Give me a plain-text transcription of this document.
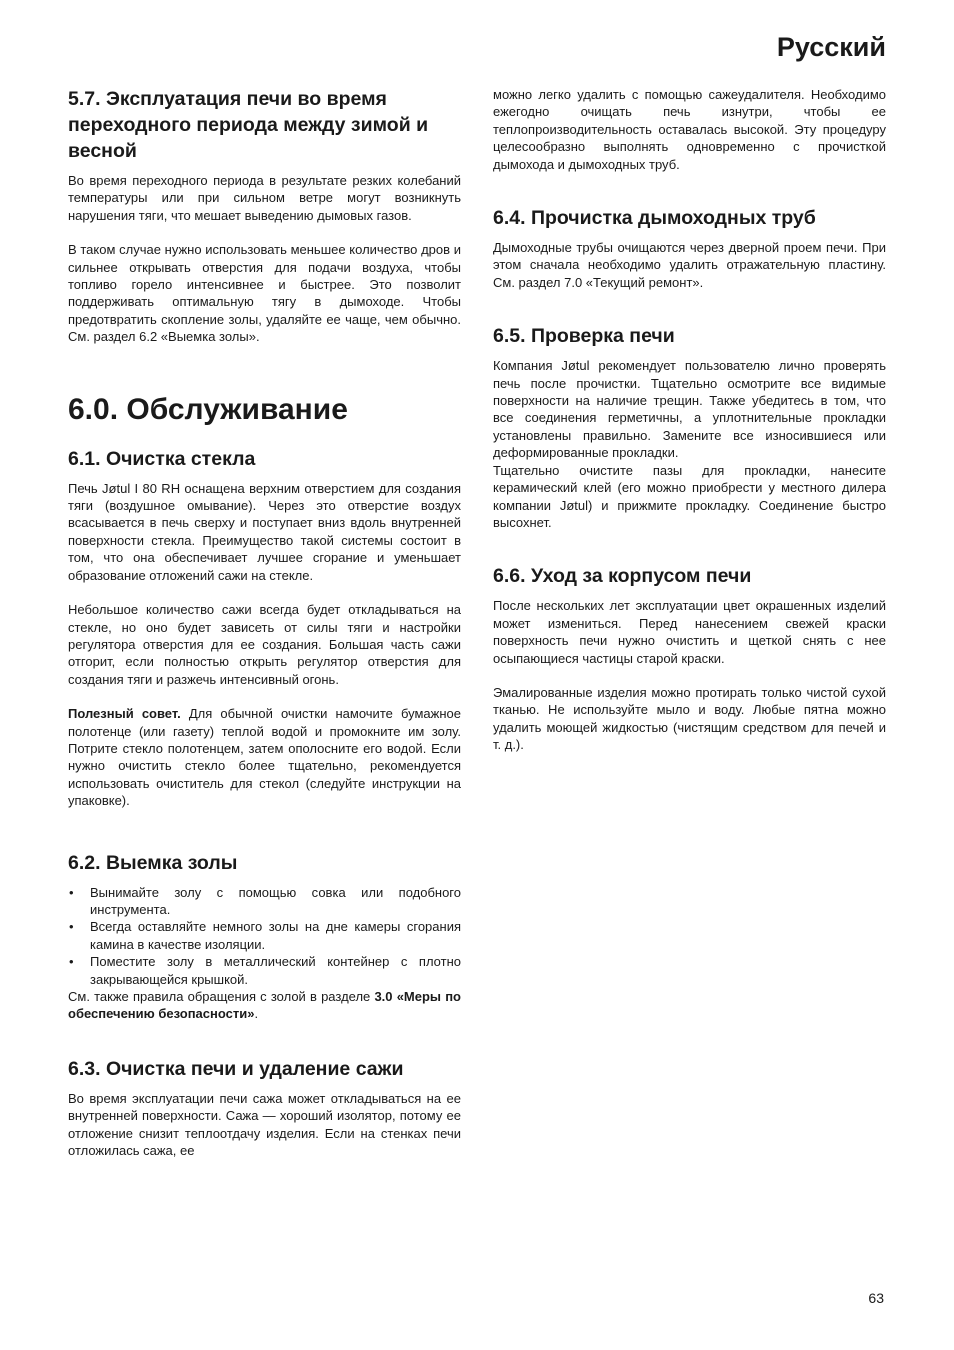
Русский
5.7. Эксплуатация печи во время переходного периода между зимой и весной

Во время переходного периода в результате резких колебаний температуры или при сильном ветре могут возникнуть нарушения тяги, что мешает выведению дымовых газов.

В таком случае нужно использовать меньшее количество дров и сильнее открывать отверстия для подачи воздуха, чтобы топливо горело интенсивнее и быстрее. Это позволит поддерживать оптимальную тягу в дымоходе. Чтобы предотвратить скопление золы, удаляйте ее чаще, чем обычно. См. раздел 6.2 «Выемка золы».

6.0. Обслуживание
6.1. Очистка стекла

Печь Jøtul I 80 RH оснащена верхним отверстием для создания тяги (воздушное омывание). Через это отверстие воздух всасывается в печь сверху и поступает вниз вдоль внутренней поверхности стекла. Преимущество такой системы состоит в том, что она обеспечивает лучшее сгорание и уменьшает образование отложений сажи на стекле.

Небольшое количество сажи всегда будет откладываться на стекле, но оно будет зависеть от силы тяги и настройки регулятора отверстия для ее создания. Большая часть сажи отгорит, если полностью открыть регулятор отверстия для создания тяги и разжечь интенсивный огонь.

Полезный совет. Для обычной очистки намочите бумажное полотенце (или газету) теплой водой и промокните им золу. Потрите стекло полотенцем, затем ополосните его водой. Если нужно очистить стекло более тщательно, рекомендуется использовать очиститель для стекол (следуйте инструкции на упаковке).

6.2. Выемка золы
• Вынимайте золу с помощью совка или подобного инструмента.
• Всегда оставляйте немного золы на дне камеры сгорания камина в качестве изоляции.
• Поместите золу в металлический контейнер с плотно закрывающейся крышкой.

См. также правила обращения с золой в разделе 3.0 «Меры по обеспечению безопасности».

6.3. Очистка печи и удаление сажи

Во время эксплуатации печи сажа может откладываться на ее внутренней поверхности. Сажа — хороший изолятор, потому ее отложение снизит теплоотдачу изделия. Если на стенках печи отложилась сажа, ее

можно легко удалить с помощью сажеудалителя. Необходимо ежегодно очищать печь изнутри, чтобы ее теплопроизводительность оставалась высокой. Эту процедуру целесообразно выполнять одновременно с прочисткой дымохода и дымоходных труб.

6.4. Прочистка дымоходных труб

Дымоходные трубы очищаются через дверной проем печи. При этом сначала необходимо удалить отражательную пластину. См. раздел 7.0 «Текущий ремонт».

6.5. Проверка печи

Компания Jøtul рекомендует пользователю лично проверять печь после прочистки. Тщательно осмотрите все видимые поверхности на наличие трещин. Также убедитесь в том, что все соединения герметичны, а уплотнительные прокладки установлены правильно. Замените все износившиеся или деформированные прокладки.

Тщательно очистите пазы для прокладки, нанесите керамический клей (его можно приобрести у местного дилера компании Jøtul) и прижмите прокладку. Соединение быстро высохнет.

6.6. Уход за корпусом печи

После нескольких лет эксплуатации цвет окрашенных изделий может измениться. Перед нанесением свежей краски поверхность печи нужно очистить и щеткой снять с нее осыпающиеся частицы старой краски.

Эмалированные изделия можно протирать только чистой сухой тканью. Не используйте мыло и воду. Любые пятна можно удалить моющей жидкостью (чистящим средством для печей и т. д.).

63
